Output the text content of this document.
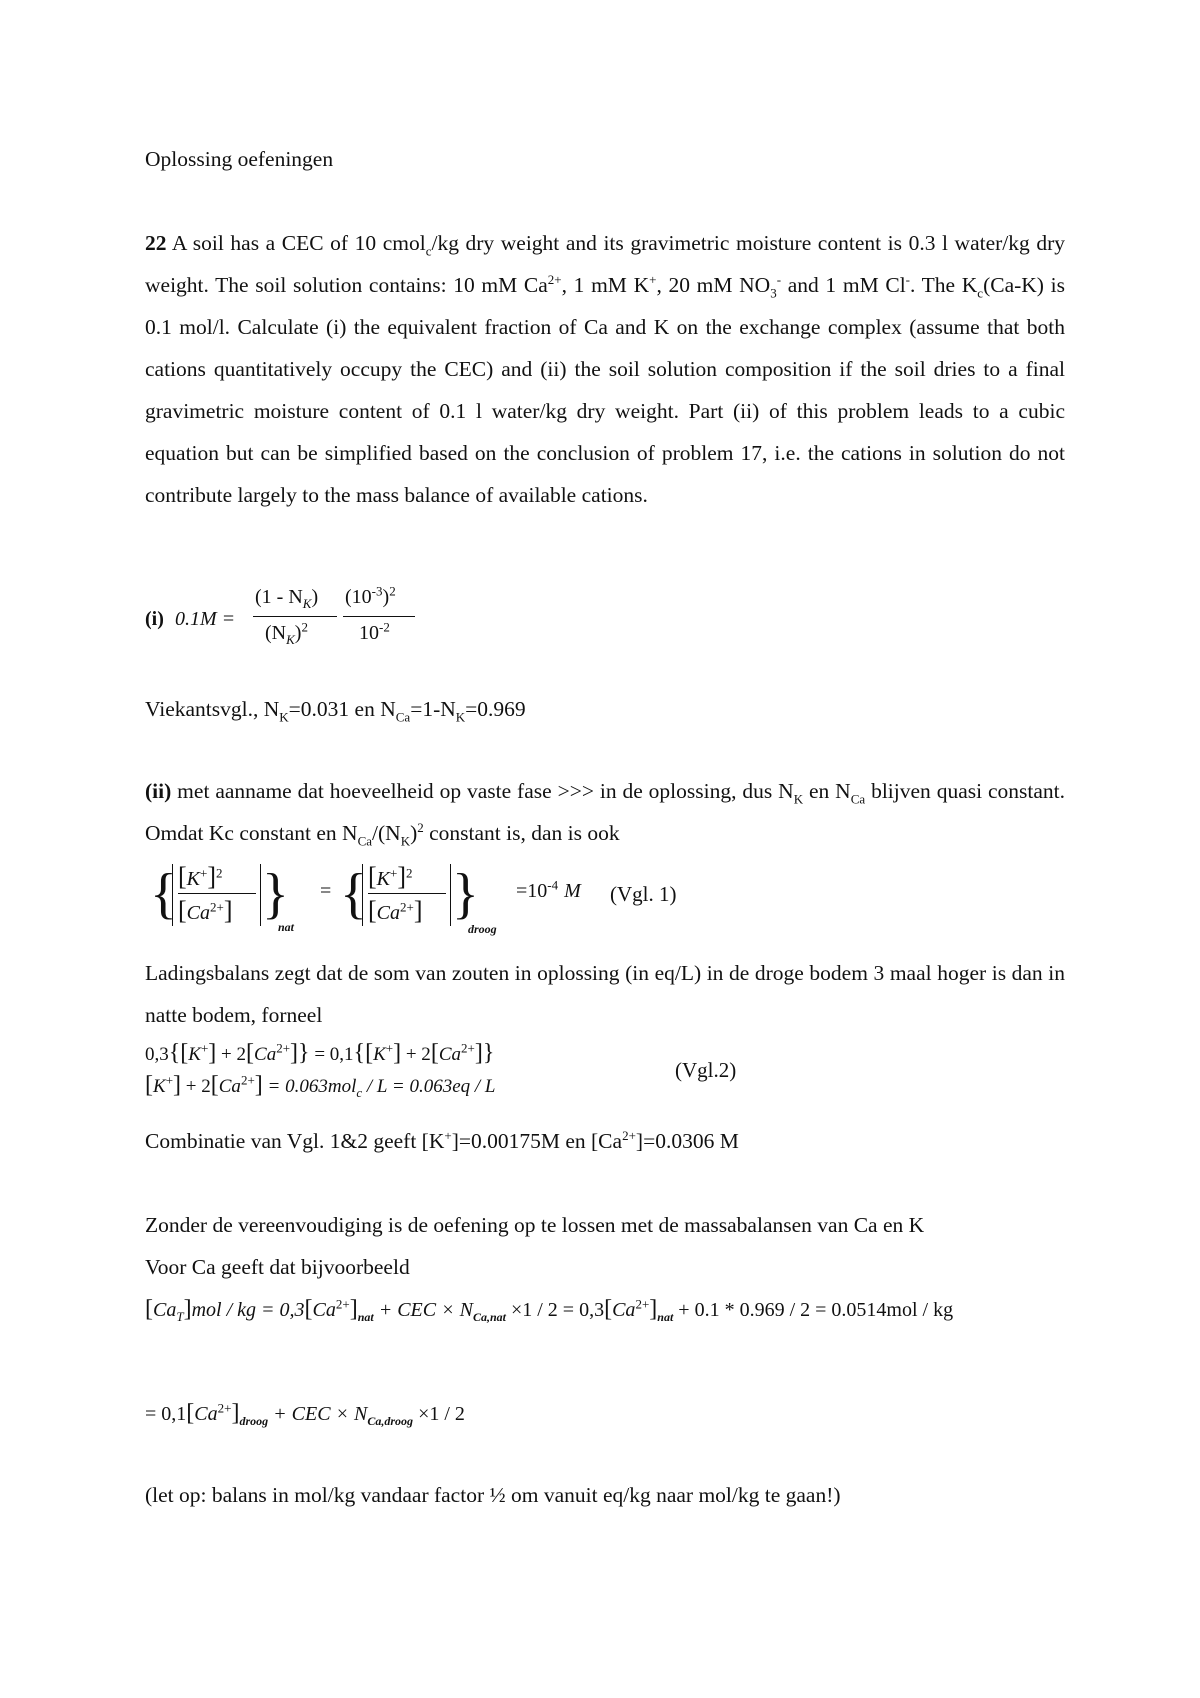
Oplossing oefeningen

22 A soil has a CEC of 10 cmol$_c$/kg dry weight and its gravimetric moisture content is 0.3 l water/kg dry weight. The soil solution contains: 10 mM $Ca^{2+}$, 1 mM K+, 20 mM $NO_3^-$ and 1 mM Cl-. The $K_c(Ca-K)$ is 0.1 mol/l. Calculate (i) the equivalent fraction of Ca and K on the exchange complex (assume that both cations quantitatively occupy the CEC) and (ii) the soil solution composition if the soil dries to a final gravimetric moisture content of 0.1 l water/kg dry weight. Part (ii) of this problem leads to a cubic equation but can be simplified based on the conclusion of problem 17, i.e. the cations in solution do not contribute largely to the mass balance of available cations.

(i) 0.1M =
$(1 - N_K)$
$(N_K)^2$
$(10^{-3})^2$
$10^{-2}$

Viekantsvgl., $N_K=0.031$ en $N_{Ca}=1-N_K=0.969$

(ii) met aanname dat hoeveelheid op vaste fase >>> in de oplossing, dus $N_K$ en $N_{Ca}$ blijven quasi constant. Omdat Kc constant en $N_{Ca}/(N_K)^2$ constant is, dan is ook

{ $[K^+]^2$
$[Ca^{2+}]$ }
nat
= { $[K^+]^2$
$[Ca^{2+}]$ }
droog
$=10^{-4}$ M (Vgl. 1)

Ladingsbalans zegt dat de som van zouten in oplossing (in eq/L) in de droge bodem 3 maal hoger is dan in natte bodem, forneel

$0,3\{[K^+] + 2[Ca^{2+}]\} = 0,1\{[K^+] + 2[Ca^{2+}]\}$
$[K^+] + 2[Ca^{2+}] = 0.063mol_c / L = 0.063eq / L$
(Vgl.2)

Combinatie van Vgl. 1&2 geeft [K+]=0.00175M en $[Ca^{2+}]=0.0306$ M

Zonder de vereenvoudiging is de oefening op te lossen met de massabalansen van Ca en K

Voor Ca geeft dat bijvoorbeeld

$[Ca_T]mol$ / kg = $0,3[Ca^{2+}]_{nat}$ + CEC × $N_{Ca,nat} \times 1 / 2 = 0,3[Ca^{2+}]_{nat} + 0.1 * 0.969 / 2 = 0.0514mol$ / kg
= $0,1[Ca^{2+}]_{droog}$ + CEC × $N_{Ca,droog} \times 1 / 2$

(let op: balans in mol/kg vandaar factor ½ om vanuit eq/kg naar mol/kg te gaan!)
